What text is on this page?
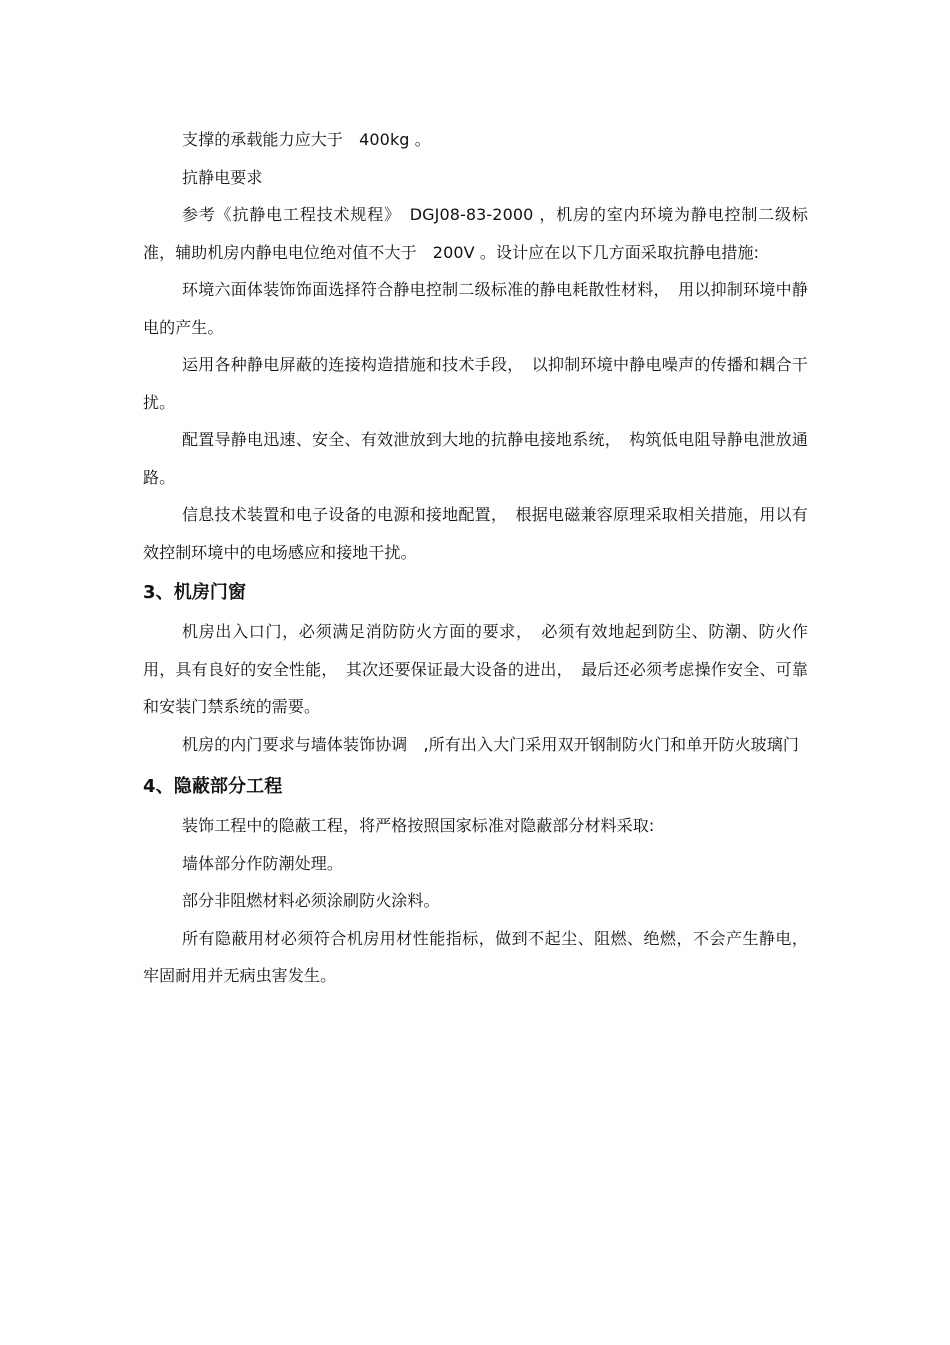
支撑的承载能力应大于　400kg 。

抗静电要求

参考《抗静电工程技术规程》　DGJ08-83-2000 ，机房的室内环境为静电控制二级标准，辅助机房内静电电位绝对值不大于　200V 。设计应在以下几方面采取抗静电措施:

环境六面体装饰饰面选择符合静电控制二级标准的静电耗散性材料，　用以抑制环境中静电的产生。

运用各种静电屏蔽的连接构造措施和技术手段，　以抑制环境中静电噪声的传播和耦合干扰。

配置导静电迅速、安全、有效泄放到大地的抗静电接地系统，　构筑低电阻导静电泄放通路。

信息技术装置和电子设备的电源和接地配置，　根据电磁兼容原理采取相关措施，用以有效控制环境中的电场感应和接地干扰。

3、机房门窗

机房出入口门，必须满足消防防火方面的要求，　必须有效地起到防尘、防潮、防火作用，具有良好的安全性能，　其次还要保证最大设备的进出，　最后还必须考虑操作安全、可靠和安装门禁系统的需要。

机房的内门要求与墙体装饰协调　,所有出入大门采用双开钢制防火门和单开防火玻璃门

4、隐蔽部分工程

装饰工程中的隐蔽工程，将严格按照国家标准对隐蔽部分材料采取:

墙体部分作防潮处理。

部分非阻燃材料必须涂刷防火涂料。

所有隐蔽用材必须符合机房用材性能指标，做到不起尘、阻燃、绝燃，不会产生静电，牢固耐用并无病虫害发生。
